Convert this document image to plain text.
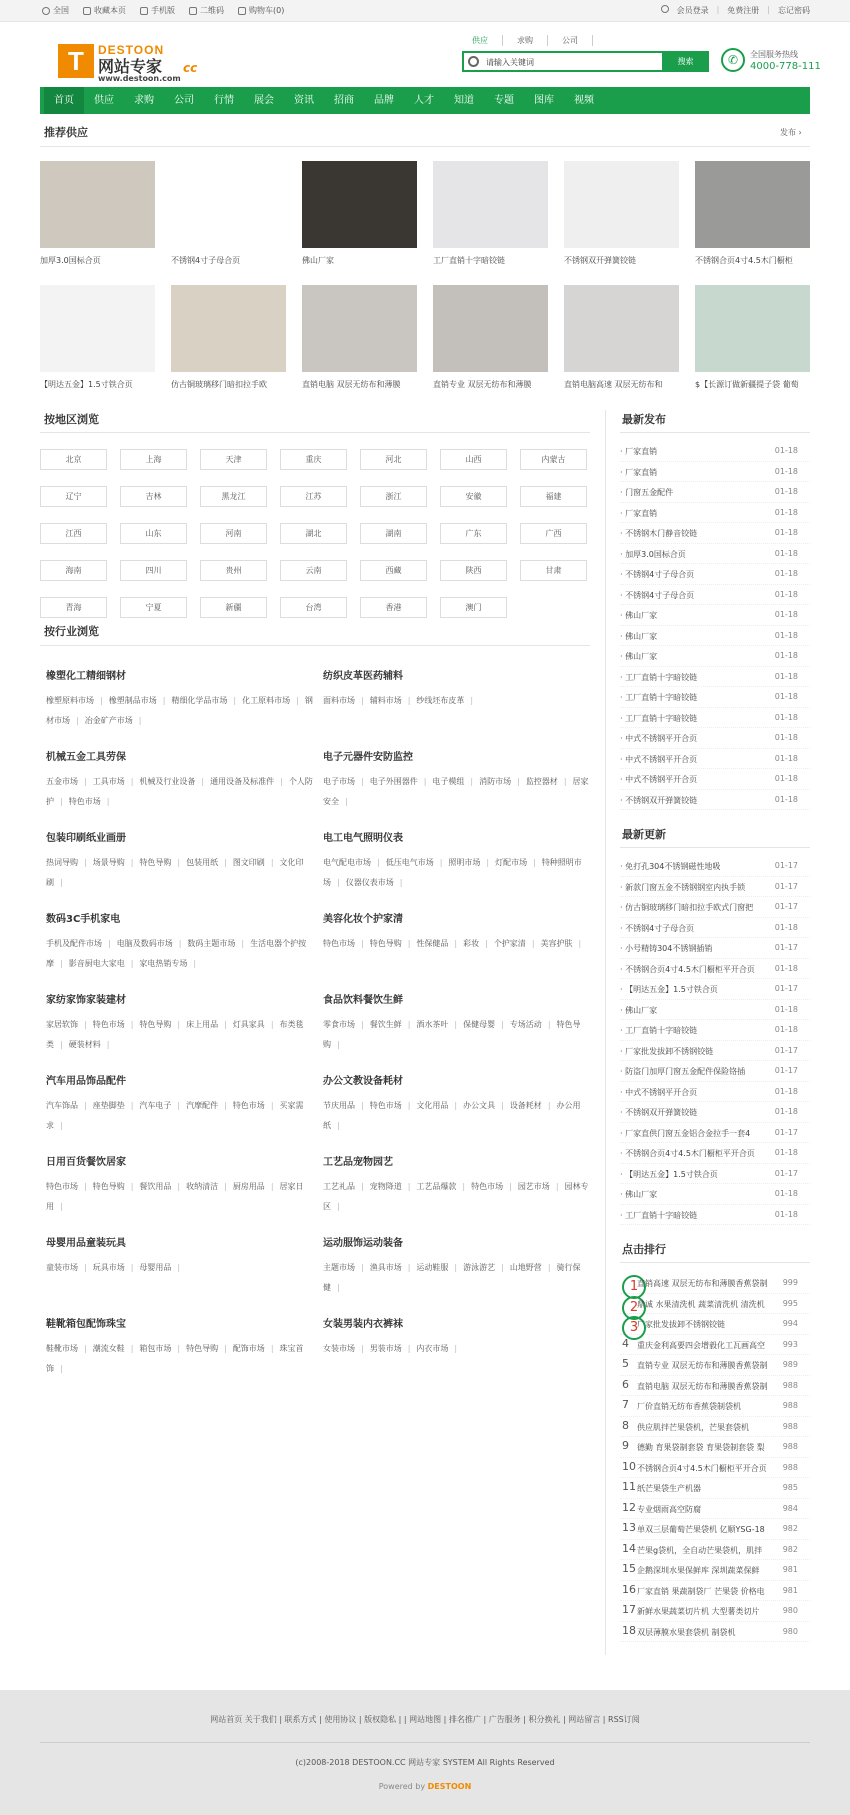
全国	收藏本页	手机版	二维码	购物车(0)	会员登录 | 免费注册 | 忘记密码
T	DESTOON
网站专家 cc
www.destoon.com
供应	求购	公司
请输入关键词
搜索	✆	全国服务热线
4000-778-111
首页	供应	求购	公司	行情	展会	资讯	招商	品牌	人才	知道	专题	图库	视频
推荐供应	发布 ›
加厚3.0国标合页	不锈钢4寸子母合页	佛山厂家	工厂直销十字暗铰链	不锈钢双开弹簧铰链	不锈钢合页4寸4.5木门橱柜
【明达五金】1.5寸铁合页	仿古铜玻璃移门暗扣拉手欧	直销电脑 双层无纺布和薄膜	直销专业 双层无纺布和薄膜	直销电脑高速 双层无纺布和	$【长源订做新疆提子袋 葡萄
按地区浏览
北京	上海	天津	重庆	河北	山西	内蒙古
辽宁	吉林	黑龙江	江苏	浙江	安徽	福建
江西	山东	河南	湖北	湖南	广东	广西
海南	四川	贵州	云南	西藏	陕西	甘肃
青海	宁夏	新疆	台湾	香港	澳门
按行业浏览
橡塑化工精细钢材
橡塑原料市场 | 橡塑制品市场 | 精细化学品市场 | 化工原料市场 | 钢材市场 | 冶金矿产市场 |
纺织皮革医药辅料
面料市场 | 辅料市场 | 纱线坯布皮革 |
机械五金工具劳保
五金市场 | 工具市场 | 机械及行业设备 | 通用设备及标准件 | 个人防护 | 特色市场 |
电子元器件安防监控
电子市场 | 电子外围器件 | 电子模组 | 消防市场 | 监控器材 | 居家安全 |
包装印刷纸业画册
热词导购 | 场景导购 | 特色导购 | 包装用纸 | 图文印刷 | 文化印刷 |
电工电气照明仪表
电气配电市场 | 低压电气市场 | 照明市场 | 灯配市场 | 特种照明市场 | 仪器仪表市场 |
数码3C手机家电
手机及配件市场 | 电脑及数码市场 | 数码主题市场 | 生活电器个护按摩 | 影音厨电大家电 | 家电热销专场 |
美容化妆个护家清
特色市场 | 特色导购 | 性保健品 | 彩妆 | 个护家清 | 美容护肤 |
家纺家饰家装建材
家居软饰 | 特色市场 | 特色导购 | 床上用品 | 灯具家具 | 布类毯类 | 硬装材料 |
食品饮料餐饮生鲜
零食市场 | 餐饮生鲜 | 酒水茶叶 | 保健母婴 | 专场活动 | 特色导购 |
汽车用品饰品配件
汽车饰品 | 座垫脚垫 | 汽车电子 | 汽摩配件 | 特色市场 | 买家需求 |
办公文教设备耗材
节庆用品 | 特色市场 | 文化用品 | 办公文具 | 设备耗材 | 办公用纸 |
日用百货餐饮居家
特色市场 | 特色导购 | 餐饮用品 | 收纳清洁 | 厨房用品 | 居家日用 |
工艺品宠物园艺
工艺礼品 | 宠物降道 | 工艺品爆款 | 特色市场 | 园艺市场 | 园林专区 |
母婴用品童装玩具
童装市场 | 玩具市场 | 母婴用品 |
运动服饰运动装备
主题市场 | 渔具市场 | 运动鞋服 | 游泳游艺 | 山地野营 | 骑行保健 |
鞋靴箱包配饰珠宝
鞋靴市场 | 潮流女鞋 | 箱包市场 | 特色导购 | 配饰市场 | 珠宝首饰 |
女装男装内衣裤袜
女装市场 | 男装市场 | 内衣市场 |
最新发布
· 厂家直销	01-18
· 厂家直销	01-18
· 门窗五金配件	01-18
· 厂家直销	01-18
· 不锈钢木门静音铰链	01-18
· 加厚3.0国标合页	01-18
· 不锈钢4寸子母合页	01-18
· 不锈钢4寸子母合页	01-18
· 佛山厂家	01-18
· 佛山厂家	01-18
· 佛山厂家	01-18
· 工厂直销十字暗铰链	01-18
· 工厂直销十字暗铰链	01-18
· 工厂直销十字暗铰链	01-18
· 中式不锈钢平开合页	01-18
· 中式不锈钢平开合页	01-18
· 中式不锈钢平开合页	01-18
· 不锈钢双开弹簧铰链	01-18
最新更新
· 免打孔304不锈钢磁性地吸	01-17
· 新款门窗五金不锈钢钢室内执手锁	01-17
· 仿古铜玻璃移门暗扣拉手欧式门窗把	01-17
· 不锈钢4寸子母合页	01-18
· 小号精铸304不锈钢插销	01-17
· 不锈钢合页4寸4.5木门橱柜平开合页	01-18
· 【明达五金】1.5寸铁合页	01-17
· 佛山厂家	01-18
· 工厂直销十字暗铰链	01-18
· 厂家批发拔卸不锈钢铰链	01-17
· 防盗门加厚门窗五金配件保险铬插	01-17
· 中式不锈钢平开合页	01-18
· 不锈钢双开弹簧铰链	01-18
· 厂家直供门窗五金铝合金拉手一套4	01-17
· 不锈钢合页4寸4.5木门橱柜平开合页	01-18
· 【明达五金】1.5寸铁合页	01-17
· 佛山厂家	01-18
· 工厂直销十字暗铰链	01-18
点击排行
1
直销高速 双层无纺布和薄膜香蕉袋制	999
2
鼎诚 水果清洗机 蔬菜清洗机 清洗机	995
3
厂家批发拔卸不锈钢铰链	994
4 重庆金利高要四会增毅化工瓦画高空	993
5 直销专业 双层无纺布和薄膜香蕉袋制	989
6 直销电脑 双层无纺布和薄膜香蕉袋制	988
7 厂价直销无纺布香蕉袋制袋机	988
8 供应肌拌芒果袋机，芒果套袋机	988
9 德勤 育果袋制套袋 育果袋制套袋 梨	988
10 不锈钢合页4寸4.5木门橱柜平开合页	988
11 纸芒果袋生产机器	985
12 专业烟雨高空防腐	984
13 单双三层葡萄芒果袋机 亿顺YSG-18	982
14 芒果g袋机，全自动芒果袋机，肌拌	982
15 企鹅深圳水果保鲜库 深圳蔬菜保鲜	981
16 厂家直销 果蔬制袋厂 芒果袋 价格电	981
17 新鲜水果蔬菜切片机 大型薯类切片	980
18 双层薄膜水果套袋机 制袋机	980
网站首页 关于我们 | 联系方式 | 使用协议 | 版权隐私 | | 网站地图 | 排名推广 | 广告服务 | 积分换礼 | 网站留言 | RSS订阅
(c)2008-2018 DESTOON.CC 网站专家 SYSTEM All Rights Reserved
Powered by DESTOON
